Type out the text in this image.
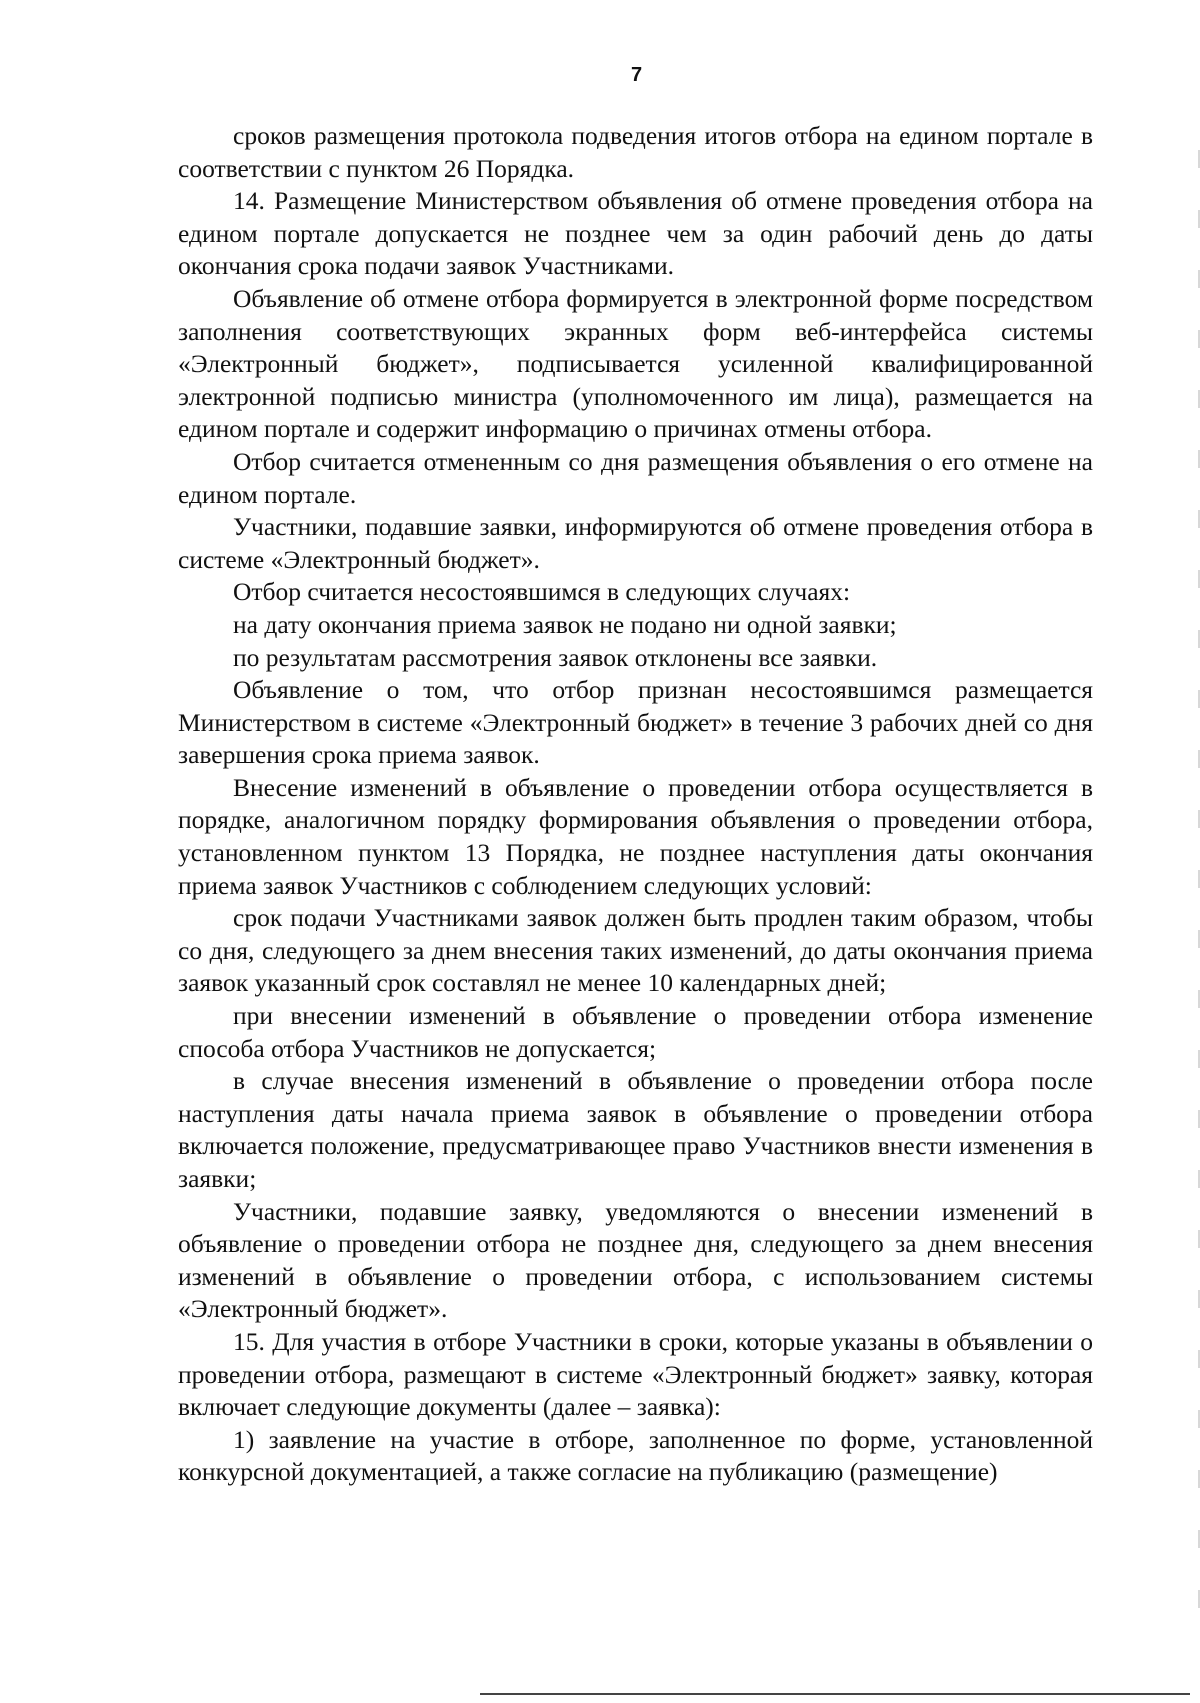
7

сроков размещения протокола подведения итогов отбора на едином портале в соответствии с пунктом 26 Порядка.

14. Размещение Министерством объявления об отмене проведения отбора на едином портале допускается не позднее чем за один рабочий день до даты окончания срока подачи заявок Участниками.

Объявление об отмене отбора формируется в электронной форме посредством заполнения соответствующих экранных форм веб-интерфейса системы «Электронный бюджет», подписывается усиленной квалифицированной электронной подписью министра (уполномоченного им лица), размещается на едином портале и содержит информацию о причинах отмены отбора.

Отбор считается отмененным со дня размещения объявления о его отмене на едином портале.

Участники, подавшие заявки, информируются об отмене проведения отбора в системе «Электронный бюджет».

Отбор считается несостоявшимся в следующих случаях:

на дату окончания приема заявок не подано ни одной заявки;

по результатам рассмотрения заявок отклонены все заявки.

Объявление о том, что отбор признан несостоявшимся размещается Министерством в системе «Электронный бюджет» в течение 3 рабочих дней со дня завершения срока приема заявок.

Внесение изменений в объявление о проведении отбора осуществляется в порядке, аналогичном порядку формирования объявления о проведении отбора, установленном пунктом 13 Порядка, не позднее наступления даты окончания приема заявок Участников с соблюдением следующих условий:

срок подачи Участниками заявок должен быть продлен таким образом, чтобы со дня, следующего за днем внесения таких изменений, до даты окончания приема заявок указанный срок составлял не менее 10 календарных дней;

при внесении изменений в объявление о проведении отбора изменение способа отбора Участников не допускается;

в случае внесения изменений в объявление о проведении отбора после наступления даты начала приема заявок в объявление о проведении отбора включается положение, предусматривающее право Участников внести изменения в заявки;

Участники, подавшие заявку, уведомляются о внесении изменений в объявление о проведении отбора не позднее дня, следующего за днем внесения изменений в объявление о проведении отбора, с использованием системы «Электронный бюджет».

15. Для участия в отборе Участники в сроки, которые указаны в объявлении о проведении отбора, размещают в системе «Электронный бюджет» заявку, которая включает следующие документы (далее – заявка):

1) заявление на участие в отборе, заполненное по форме, установленной конкурсной документацией, а также согласие на публикацию (размещение)
